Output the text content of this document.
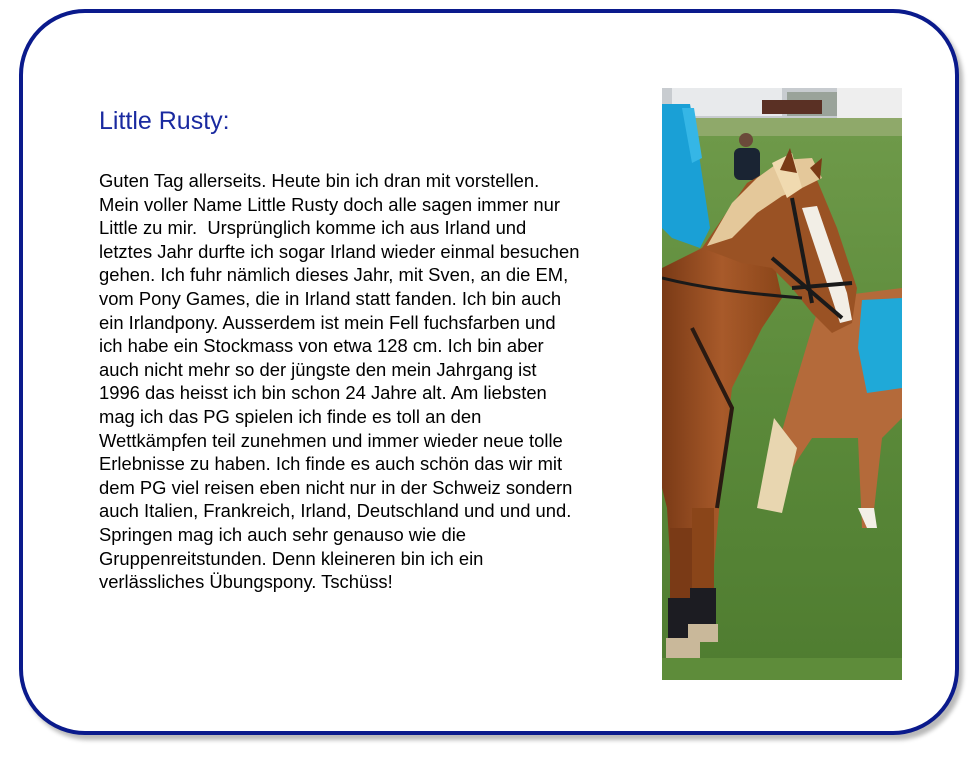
Little Rusty:
Guten Tag allerseits. Heute bin ich dran mit vorstellen.
Mein voller Name Little Rusty doch alle sagen immer nur
Little zu mir.  Ursprünglich komme ich aus Irland und
letztes Jahr durfte ich sogar Irland wieder einmal besuchen
gehen. Ich fuhr nämlich dieses Jahr, mit Sven, an die EM,
vom Pony Games, die in Irland statt fanden. Ich bin auch
ein Irlandpony. Ausserdem ist mein Fell fuchsfarben und
ich habe ein Stockmass von etwa 128 cm. Ich bin aber
auch nicht mehr so der jüngste den mein Jahrgang ist
1996 das heisst ich bin schon 24 Jahre alt. Am liebsten
mag ich das PG spielen ich finde es toll an den
Wettkämpfen teil zunehmen und immer wieder neue tolle
Erlebnisse zu haben. Ich finde es auch schön das wir mit
dem PG viel reisen eben nicht nur in der Schweiz sondern
auch Italien, Frankreich, Irland, Deutschland und und und.
Springen mag ich auch sehr genauso wie die
Gruppenreitstunden. Denn kleineren bin ich ein
verlässliches Übungspony. Tschüss!
